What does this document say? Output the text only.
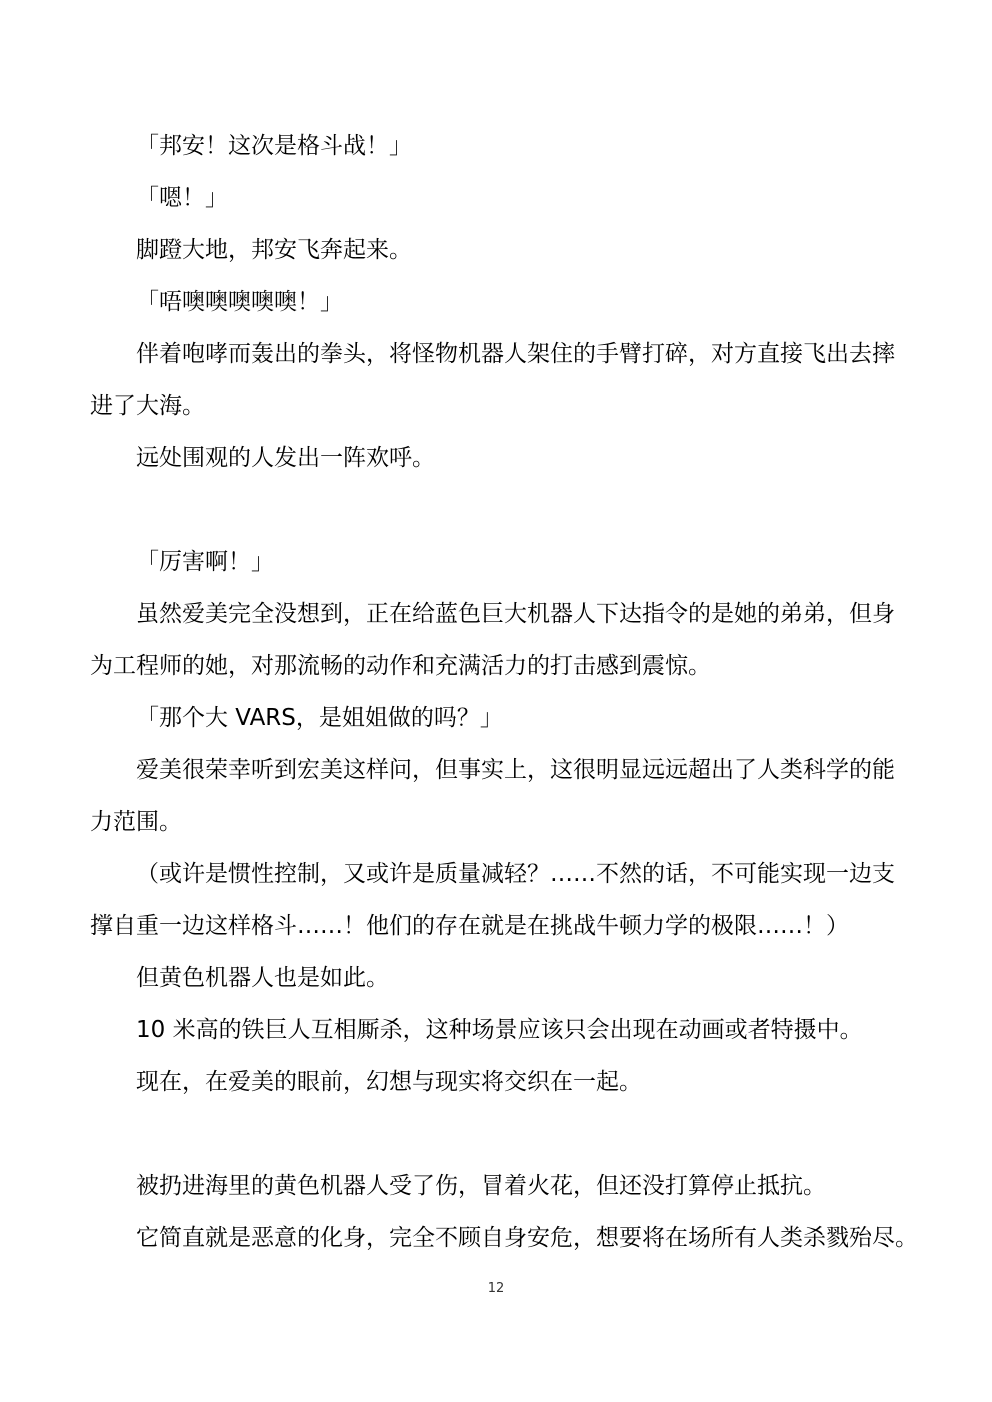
「邦安！这次是格斗战！」
「嗯！」
脚蹬大地，邦安飞奔起来。
「唔噢噢噢噢噢！」
伴着咆哮而轰出的拳头，将怪物机器人架住的手臂打碎，对方直接飞出去摔
进了大海。
远处围观的人发出一阵欢呼。
「厉害啊！」
虽然爱美完全没想到，正在给蓝色巨大机器人下达指令的是她的弟弟，但身
为工程师的她，对那流畅的动作和充满活力的打击感到震惊。
「那个大 VARS，是姐姐做的吗？」
爱美很荣幸听到宏美这样问，但事实上，这很明显远远超出了人类科学的能
力范围。
（或许是惯性控制，又或许是质量减轻？……不然的话，不可能实现一边支
撑自重一边这样格斗……！他们的存在就是在挑战牛顿力学的极限……！）
但黄色机器人也是如此。
10 米高的铁巨人互相厮杀，这种场景应该只会出现在动画或者特摄中。
现在，在爱美的眼前，幻想与现实将交织在一起。
被扔进海里的黄色机器人受了伤，冒着火花，但还没打算停止抵抗。
它简直就是恶意的化身，完全不顾自身安危，想要将在场所有人类杀戮殆尽。
12
